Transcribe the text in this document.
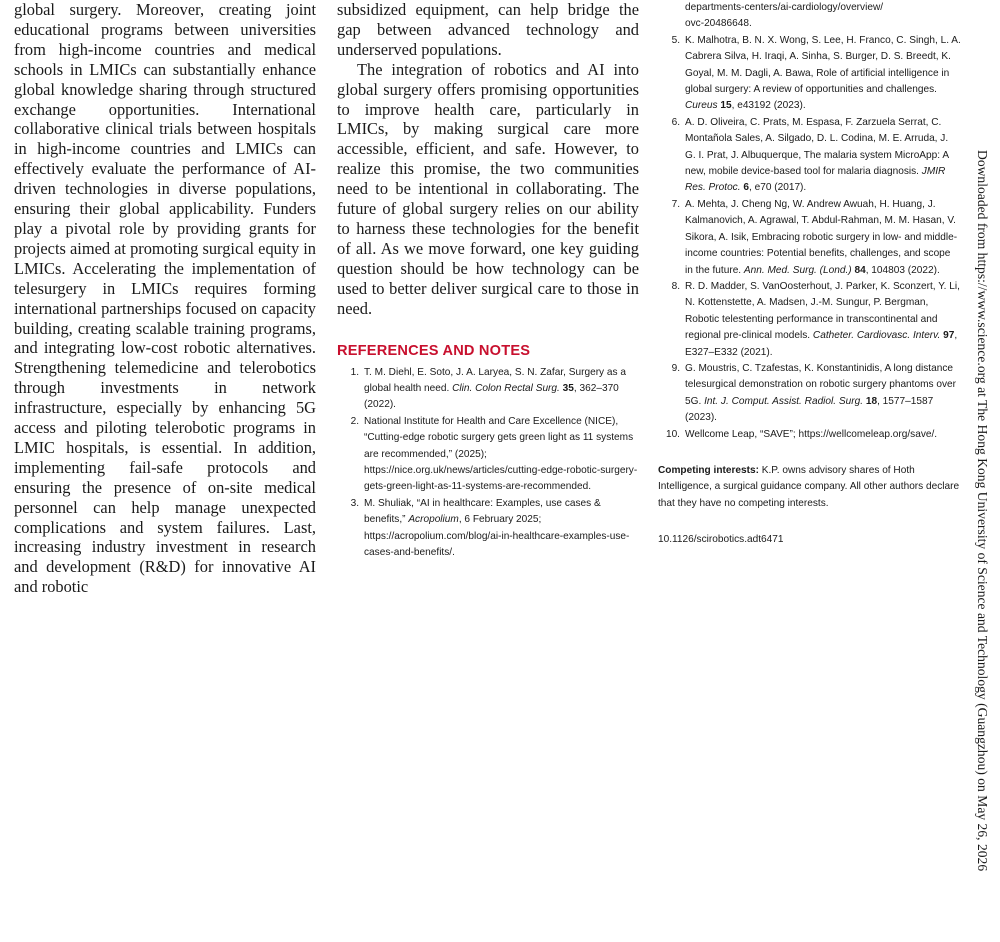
global surgery. Moreover, creating joint educational programs between universities from high-income countries and medical schools in LMICs can substantially enhance global knowledge sharing through structured exchange opportunities. International collaborative clinical trials between hospitals in high-income countries and LMICs can effectively evaluate the performance of AI-driven technologies in diverse populations, ensuring their global applicability. Funders play a pivotal role by providing grants for projects aimed at promoting surgical equity in LMICs. Accelerating the implementation of telesurgery in LMICs requires forming international partnerships focused on capacity building, creating scalable training programs, and integrating low-cost robotic alternatives. Strengthening telemedicine and telerobotics through investments in network infrastructure, especially by enhancing 5G access and piloting telerobotic programs in LMIC hospitals, is essential. In addition, implementing fail-safe protocols and ensuring the presence of on-site medical personnel can help manage unexpected complications and system failures. Last, increasing industry investment in research and development (R&D) for innovative AI and robotic

subsidized equipment, can help bridge the gap between advanced technology and underserved populations.

The integration of robotics and AI into global surgery offers promising opportunities to improve health care, particularly in LMICs, by making surgical care more accessible, efficient, and safe. However, to realize this promise, the two communities need to be intentional in collaborating. The future of global surgery relies on our ability to harness these technologies for the benefit of all. As we move forward, one key guiding question should be how technology can be used to better deliver surgical care to those in need.

REFERENCES AND NOTES
1. T. M. Diehl, E. Soto, J. A. Laryea, S. N. Zafar, Surgery as a global health need. Clin. Colon Rectal Surg. 35, 362–370 (2022).
2. National Institute for Health and Care Excellence (NICE), “Cutting-edge robotic surgery gets green light as 11 systems are recommended,” (2025); https://nice.org.uk/news/articles/cutting-edge-robotic-surgery-gets-green-light-as-11-systems-are-recommended.
3. M. Shuliak, “AI in healthcare: Examples, use cases & benefits,” Acropolium, 6 February 2025; https://acropolium.com/blog/ai-in-healthcare-examples-use-cases-and-benefits/.

departments-centers/ai-cardiology/overview/

ovc-20486648.

5. K. Malhotra, B. N. X. Wong, S. Lee, H. Franco, C. Singh, L. A. Cabrera Silva, H. Iraqi, A. Sinha, S. Burger, D. S. Breedt, K. Goyal, M. M. Dagli, A. Bawa, Role of artificial intelligence in global surgery: A review of opportunities and challenges. Cureus 15, e43192 (2023).
6. A. D. Oliveira, C. Prats, M. Espasa, F. Zarzuela Serrat, C. Montañola Sales, A. Silgado, D. L. Codina, M. E. Arruda, J. G. I. Prat, J. Albuquerque, The malaria system MicroApp: A new, mobile device-based tool for malaria diagnosis. JMIR Res. Protoc. 6, e70 (2017).
7. A. Mehta, J. Cheng Ng, W. Andrew Awuah, H. Huang, J. Kalmanovich, A. Agrawal, T. Abdul-Rahman, M. M. Hasan, V. Sikora, A. Isik, Embracing robotic surgery in low- and middle-income countries: Potential benefits, challenges, and scope in the future. Ann. Med. Surg. (Lond.) 84, 104803 (2022).
8. R. D. Madder, S. VanOosterhout, J. Parker, K. Sconzert, Y. Li, N. Kottenstette, A. Madsen, J.-M. Sungur, P. Bergman, Robotic telestenting performance in transcontinental and regional pre-clinical models. Catheter. Cardiovasc. Interv. 97, E327–E332 (2021).
9. G. Moustris, C. Tzafestas, K. Konstantinidis, A long distance telesurgical demonstration on robotic surgery phantoms over 5G. Int. J. Comput. Assist. Radiol. Surg. 18, 1577–1587 (2023).
10. Wellcome Leap, “SAVE”; https://wellcomeleap.org/save/.

Competing interests: K.P. owns advisory shares of Hoth Intelligence, a surgical guidance company. All other authors declare that they have no competing interests.

10.1126/scirobotics.adt6471	Downloaded from https://www.science.org at The Hong Kong University of Science and Technology (Guangzhou) on May 26, 2026
